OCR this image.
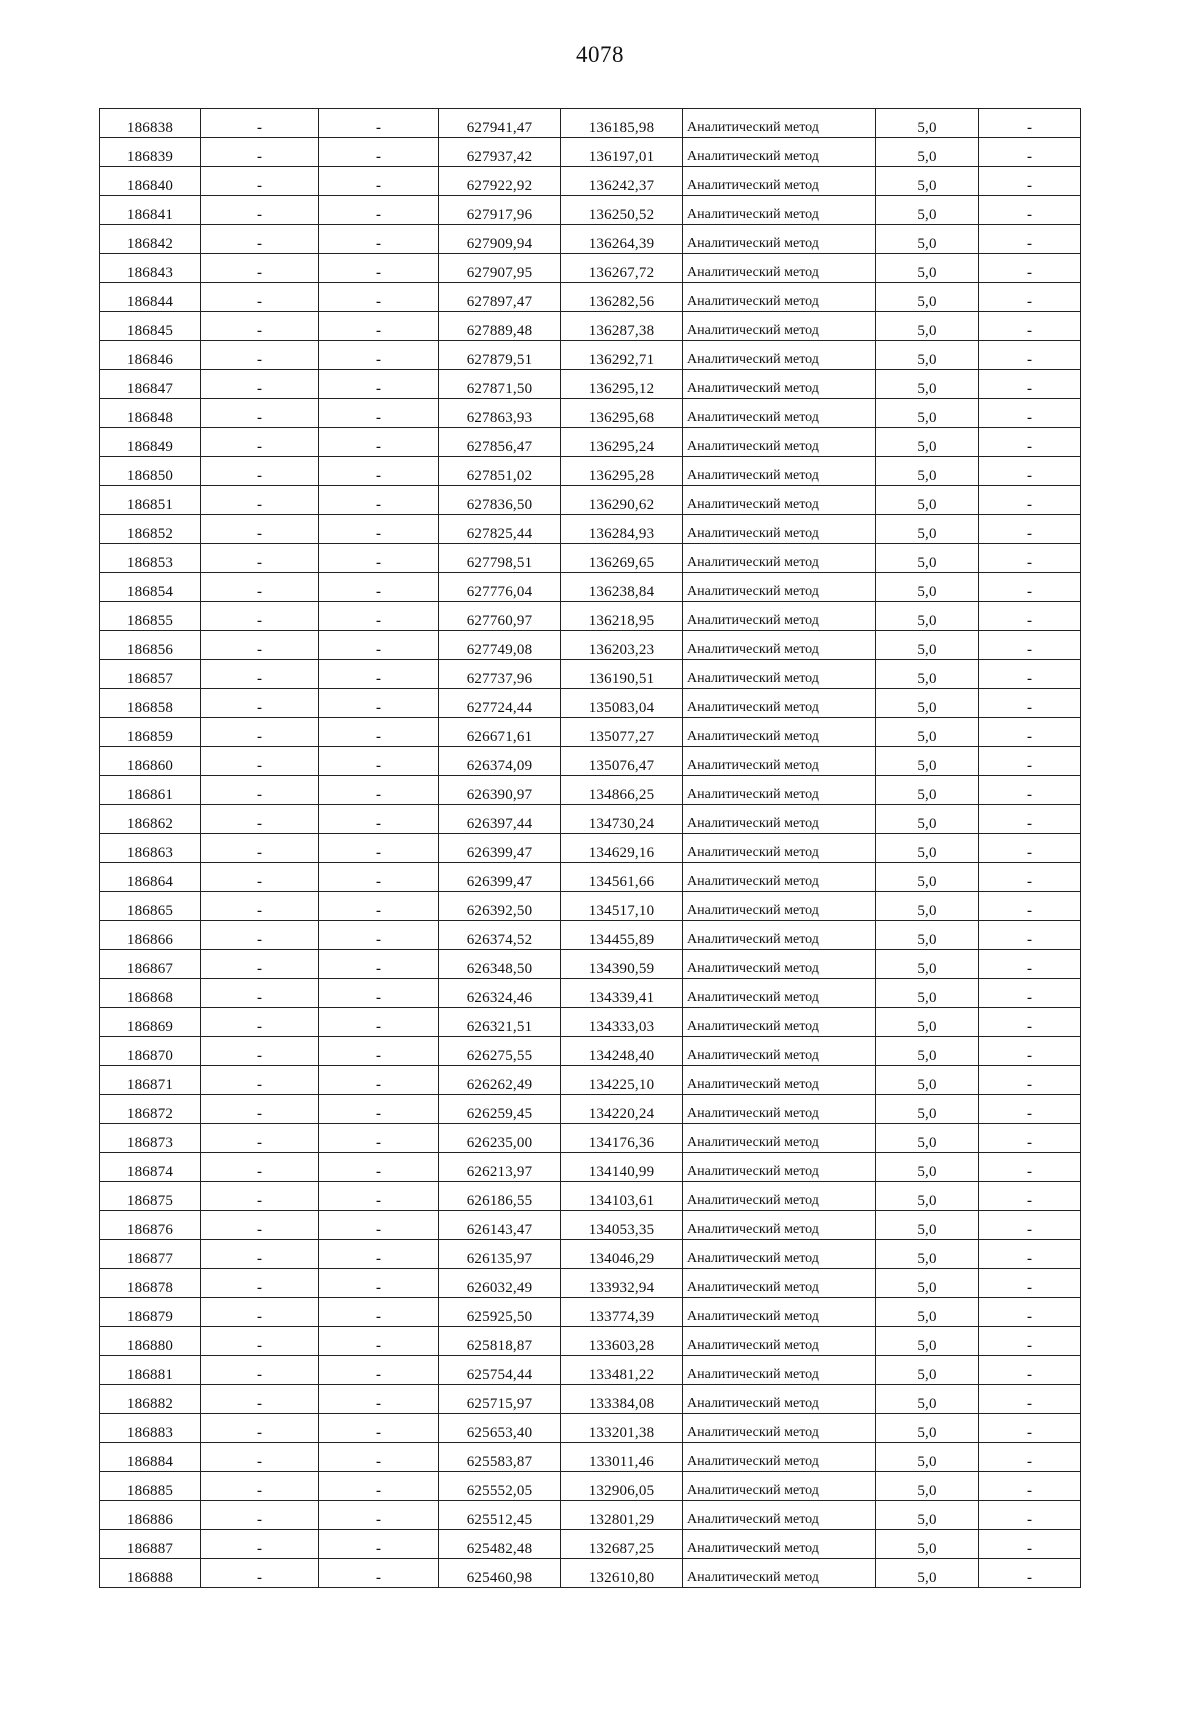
4078
186838	-	-	627941,47	136185,98	Аналитический метод	5,0	-
186839	-	-	627937,42	136197,01	Аналитический метод	5,0	-
186840	-	-	627922,92	136242,37	Аналитический метод	5,0	-
186841	-	-	627917,96	136250,52	Аналитический метод	5,0	-
186842	-	-	627909,94	136264,39	Аналитический метод	5,0	-
186843	-	-	627907,95	136267,72	Аналитический метод	5,0	-
186844	-	-	627897,47	136282,56	Аналитический метод	5,0	-
186845	-	-	627889,48	136287,38	Аналитический метод	5,0	-
186846	-	-	627879,51	136292,71	Аналитический метод	5,0	-
186847	-	-	627871,50	136295,12	Аналитический метод	5,0	-
186848	-	-	627863,93	136295,68	Аналитический метод	5,0	-
186849	-	-	627856,47	136295,24	Аналитический метод	5,0	-
186850	-	-	627851,02	136295,28	Аналитический метод	5,0	-
186851	-	-	627836,50	136290,62	Аналитический метод	5,0	-
186852	-	-	627825,44	136284,93	Аналитический метод	5,0	-
186853	-	-	627798,51	136269,65	Аналитический метод	5,0	-
186854	-	-	627776,04	136238,84	Аналитический метод	5,0	-
186855	-	-	627760,97	136218,95	Аналитический метод	5,0	-
186856	-	-	627749,08	136203,23	Аналитический метод	5,0	-
186857	-	-	627737,96	136190,51	Аналитический метод	5,0	-
186858	-	-	627724,44	135083,04	Аналитический метод	5,0	-
186859	-	-	626671,61	135077,27	Аналитический метод	5,0	-
186860	-	-	626374,09	135076,47	Аналитический метод	5,0	-
186861	-	-	626390,97	134866,25	Аналитический метод	5,0	-
186862	-	-	626397,44	134730,24	Аналитический метод	5,0	-
186863	-	-	626399,47	134629,16	Аналитический метод	5,0	-
186864	-	-	626399,47	134561,66	Аналитический метод	5,0	-
186865	-	-	626392,50	134517,10	Аналитический метод	5,0	-
186866	-	-	626374,52	134455,89	Аналитический метод	5,0	-
186867	-	-	626348,50	134390,59	Аналитический метод	5,0	-
186868	-	-	626324,46	134339,41	Аналитический метод	5,0	-
186869	-	-	626321,51	134333,03	Аналитический метод	5,0	-
186870	-	-	626275,55	134248,40	Аналитический метод	5,0	-
186871	-	-	626262,49	134225,10	Аналитический метод	5,0	-
186872	-	-	626259,45	134220,24	Аналитический метод	5,0	-
186873	-	-	626235,00	134176,36	Аналитический метод	5,0	-
186874	-	-	626213,97	134140,99	Аналитический метод	5,0	-
186875	-	-	626186,55	134103,61	Аналитический метод	5,0	-
186876	-	-	626143,47	134053,35	Аналитический метод	5,0	-
186877	-	-	626135,97	134046,29	Аналитический метод	5,0	-
186878	-	-	626032,49	133932,94	Аналитический метод	5,0	-
186879	-	-	625925,50	133774,39	Аналитический метод	5,0	-
186880	-	-	625818,87	133603,28	Аналитический метод	5,0	-
186881	-	-	625754,44	133481,22	Аналитический метод	5,0	-
186882	-	-	625715,97	133384,08	Аналитический метод	5,0	-
186883	-	-	625653,40	133201,38	Аналитический метод	5,0	-
186884	-	-	625583,87	133011,46	Аналитический метод	5,0	-
186885	-	-	625552,05	132906,05	Аналитический метод	5,0	-
186886	-	-	625512,45	132801,29	Аналитический метод	5,0	-
186887	-	-	625482,48	132687,25	Аналитический метод	5,0	-
186888	-	-	625460,98	132610,80	Аналитический метод	5,0	-
